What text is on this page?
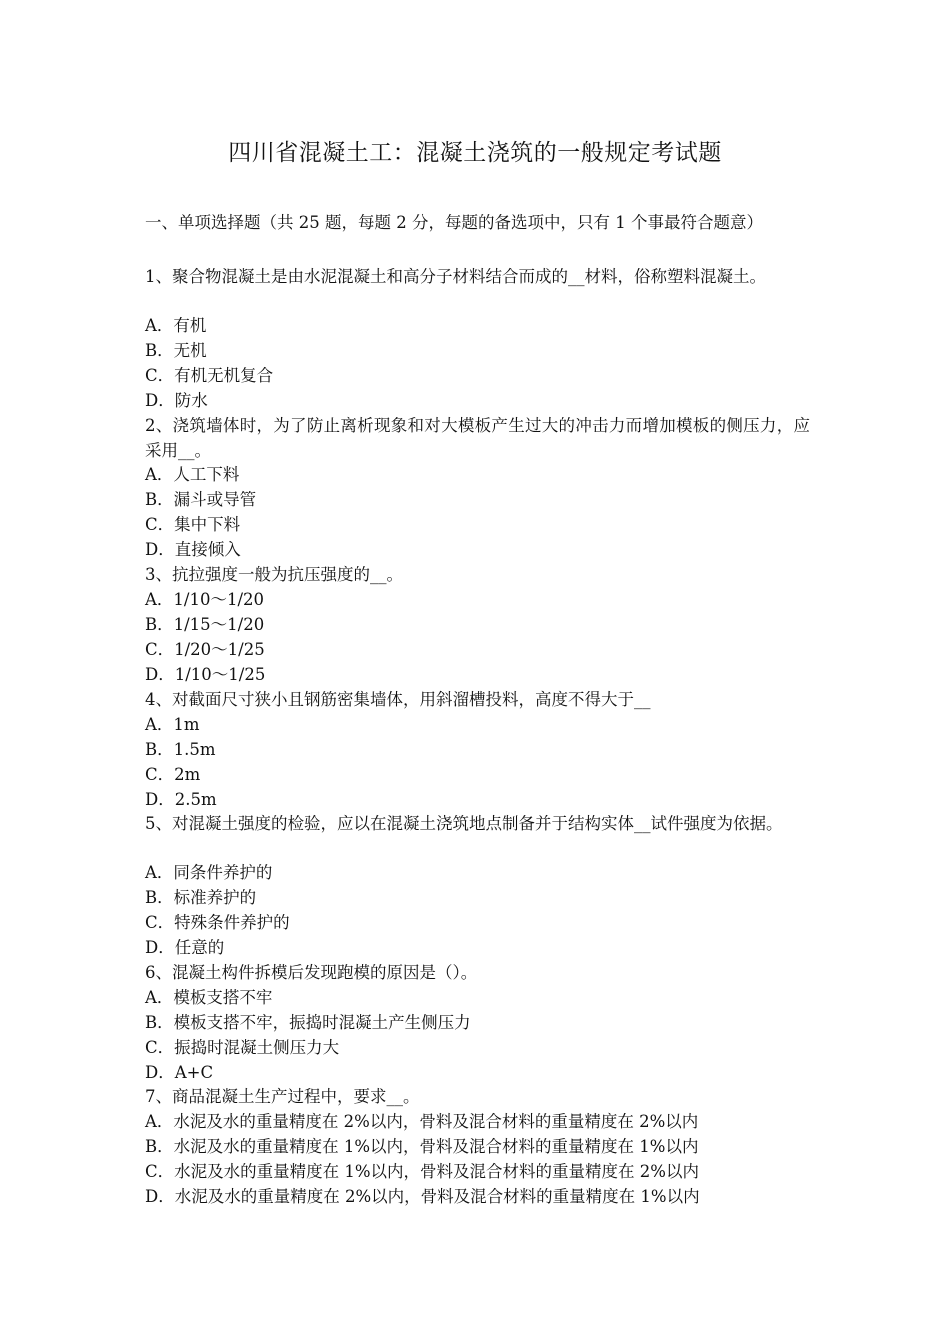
四川省混凝土工：混凝土浇筑的一般规定考试题
一、单项选择题（共 25 题，每题 2 分，每题的备选项中，只有 1 个事最符合题意）
1、聚合物混凝土是由水泥混凝土和高分子材料结合而成的__材料，俗称塑料混凝土。
A．有机
B．无机
C．有机无机复合
D．防水
2、浇筑墙体时，为了防止离析现象和对大模板产生过大的冲击力而增加模板的侧压力，应采用__。
A．人工下料
B．漏斗或导管
C．集中下料
D．直接倾入
3、抗拉强度一般为抗压强度的__。
A．1/10～1/20
B．1/15～1/20
C．1/20～1/25
D．1/10～1/25
4、对截面尺寸狭小且钢筋密集墙体，用斜溜槽投料，高度不得大于__
A．1m
B．1.5m
C．2m
D．2.5m
5、对混凝土强度的检验，应以在混凝土浇筑地点制备并于结构实体__试件强度为依据。
A．同条件养护的
B．标准养护的
C．特殊条件养护的
D．任意的
6、混凝土构件拆模后发现跑模的原因是（）。
A．模板支搭不牢
B．模板支搭不牢，振捣时混凝土产生侧压力
C．振捣时混凝土侧压力大
D．A+C
7、商品混凝土生产过程中，要求__。
A．水泥及水的重量精度在 2%以内，骨料及混合材料的重量精度在 2%以内
B．水泥及水的重量精度在 1%以内，骨料及混合材料的重量精度在 1%以内
C．水泥及水的重量精度在 1%以内，骨料及混合材料的重量精度在 2%以内
D．水泥及水的重量精度在 2%以内，骨料及混合材料的重量精度在 1%以内
